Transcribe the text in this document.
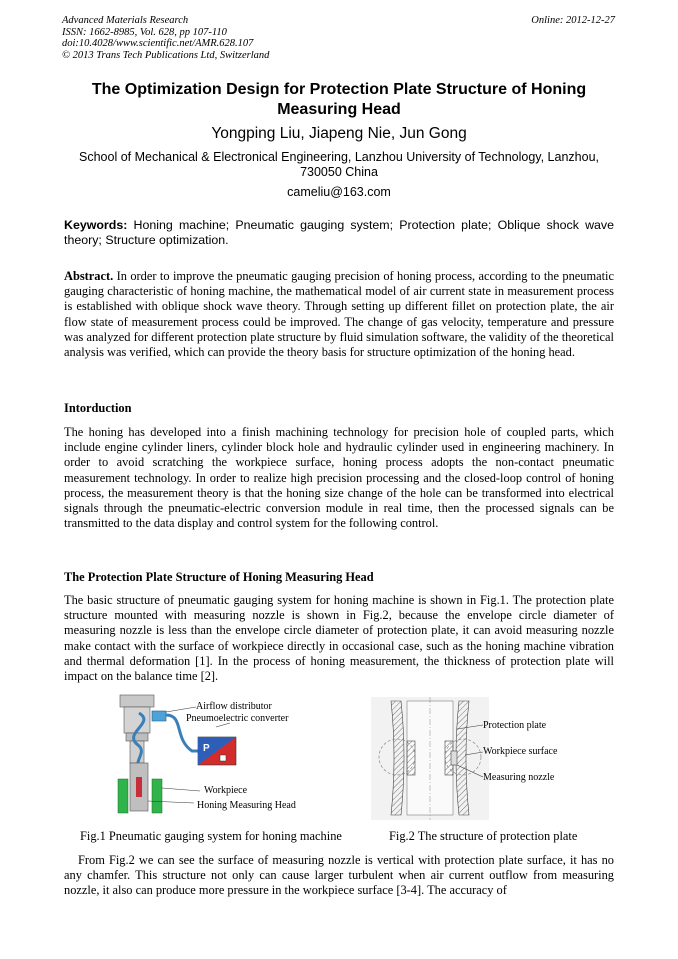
Advanced Materials Research
ISSN: 1662-8985, Vol. 628, pp 107-110
doi:10.4028/www.scientific.net/AMR.628.107
© 2013 Trans Tech Publications Ltd, Switzerland
Online: 2012-12-27
The Optimization Design for Protection Plate Structure of Honing Measuring Head
Yongping Liu, Jiapeng Nie, Jun Gong
School of Mechanical & Electronical Engineering, Lanzhou University of Technology, Lanzhou, 730050 China
cameliu@163.com
Keywords: Honing machine; Pneumatic gauging system; Protection plate; Oblique shock wave theory; Structure optimization.
Abstract. In order to improve the pneumatic gauging precision of honing process, according to the pneumatic gauging characteristic of honing machine, the mathematical model of air current state in measurement process is established with oblique shock wave theory. Through setting up different fillet on protection plate, the air flow state of measurement process could be improved. The change of gas velocity, temperature and pressure was analyzed for different protection plate structure by fluid simulation software, the validity of the theoretical analysis was verified, which can provide the theory basis for structure optimization of the honing head.
Intorduction
The honing has developed into a finish machining technology for precision hole of coupled parts, which include engine cylinder liners, cylinder block hole and hydraulic cylinder used in engineering machinery. In order to avoid scratching the workpiece surface, honing process adopts the non-contact pneumatic measurement technology. In order to realize high precision processing and the closed-loop control of honing process, the measurement theory is that the honing size change of the hole can be transformed into electrical signals through the pneumatic-electric conversion module in real time, then the processed signals can be transmitted to the data display and control system for the following control.
The Protection Plate Structure of Honing Measuring Head
The basic structure of pneumatic gauging system for honing machine is shown in Fig.1. The protection plate structure mounted with measuring nozzle is shown in Fig.2, because the envelope circle diameter of measuring nozzle is less than the envelope circle diameter of protection plate, it can avoid measuring nozzle make contact with the surface of workpiece directly in occasional case, such as the honing machine vibration and thermal deformation [1]. In the process of honing measurement, the thickness of protection plate will impact on the balance time [2].
P
Airflow distributor
Pneumoelectric converter
Workpiece
Honing Measuring Head
Protection plate
Workpiece surface
Measuring nozzle
Fig.1 Pneumatic gauging system for honing machine	Fig.2 The structure of protection plate
From Fig.2 we can see the surface of measuring nozzle is vertical with protection plate surface, it has no any chamfer. This structure not only can cause larger turbulent when air current outflow from measuring nozzle, it also can produce more pressure in the workpiece surface [3-4]. The accuracy of
